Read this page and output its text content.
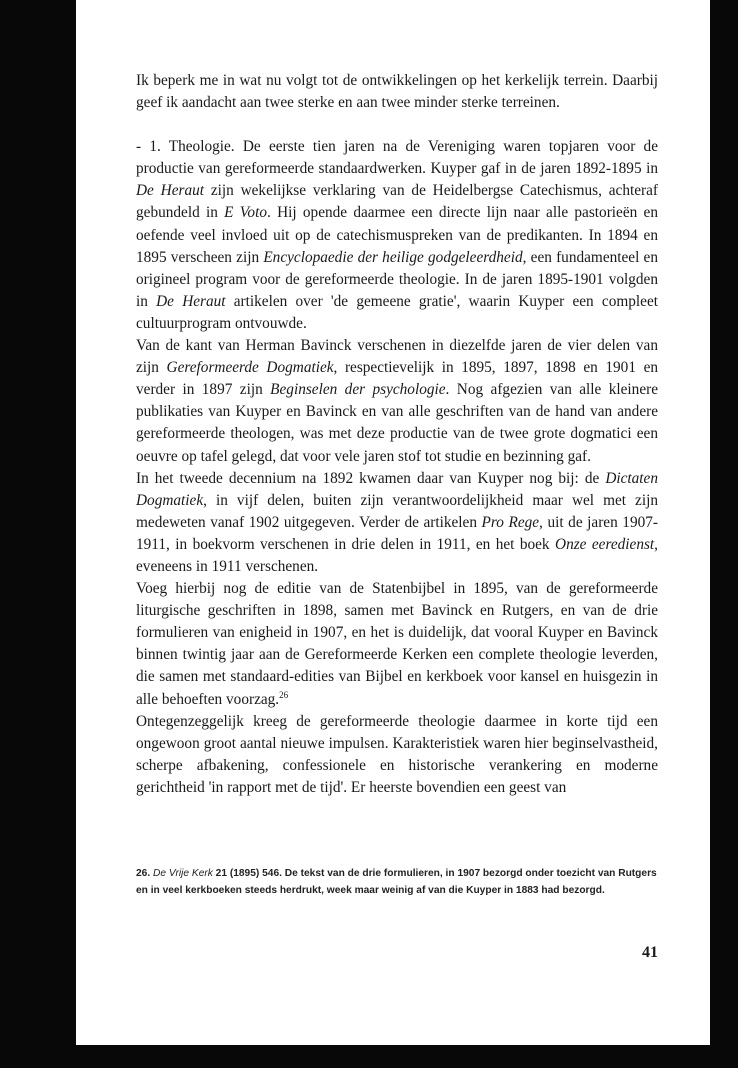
Ik beperk me in wat nu volgt tot de ontwikkelingen op het kerkelijk terrein. Daarbij geef ik aandacht aan twee sterke en aan twee minder sterke terreinen.

- 1. Theologie. De eerste tien jaren na de Vereniging waren topjaren voor de productie van gereformeerde standaardwerken. Kuyper gaf in de jaren 1892-1895 in De Heraut zijn wekelijkse verklaring van de Heidelbergse Catechismus, achteraf gebundeld in E Voto. Hij opende daarmee een directe lijn naar alle pastorieën en oefende veel invloed uit op de catechismuspreken van de predikanten. In 1894 en 1895 verscheen zijn Encyclopaedie der heilige godgeleerdheid, een fundamenteel en origineel program voor de gereformeerde theologie. In de jaren 1895-1901 volgden in De Heraut artikelen over 'de gemeene gratie', waarin Kuyper een compleet cultuurprogram ontvouwde.

Van de kant van Herman Bavinck verschenen in diezelfde jaren de vier delen van zijn Gereformeerde Dogmatiek, respectievelijk in 1895, 1897, 1898 en 1901 en verder in 1897 zijn Beginselen der psychologie. Nog afgezien van alle kleinere publikaties van Kuyper en Bavinck en van alle geschriften van de hand van andere gereformeerde theologen, was met deze productie van de twee grote dogmatici een oeuvre op tafel gelegd, dat voor vele jaren stof tot studie en bezinning gaf.

In het tweede decennium na 1892 kwamen daar van Kuyper nog bij: de Dictaten Dogmatiek, in vijf delen, buiten zijn verantwoordelijkheid maar wel met zijn medeweten vanaf 1902 uitgegeven. Verder de artikelen Pro Rege, uit de jaren 1907- 1911, in boekvorm verschenen in drie delen in 1911, en het boek Onze eeredienst, eveneens in 1911 verschenen.

Voeg hierbij nog de editie van de Statenbijbel in 1895, van de gereformeerde liturgische geschriften in 1898, samen met Bavinck en Rutgers, en van de drie formulieren van enigheid in 1907, en het is duidelijk, dat vooral Kuyper en Bavinck binnen twintig jaar aan de Gereformeerde Kerken een complete theologie leverden, die samen met standaard-edities van Bijbel en kerkboek voor kansel en huisgezin in alle behoeften voorzag.$^{26}$

Ontegenzeggelijk kreeg de gereformeerde theologie daarmee in korte tijd een ongewoon groot aantal nieuwe impulsen. Karakteristiek waren hier beginselvastheid, scherpe afbakening, confessionele en historische verankering en moderne gerichtheid 'in rapport met de tijd'. Er heerste bovendien een geest van

26. De Vrije Kerk 21 (1895) 546. De tekst van de drie formulieren, in 1907 bezorgd onder toezicht van Rutgers en in veel kerkboeken steeds herdrukt, week maar weinig af van die Kuyper in 1883 had bezorgd.
41
